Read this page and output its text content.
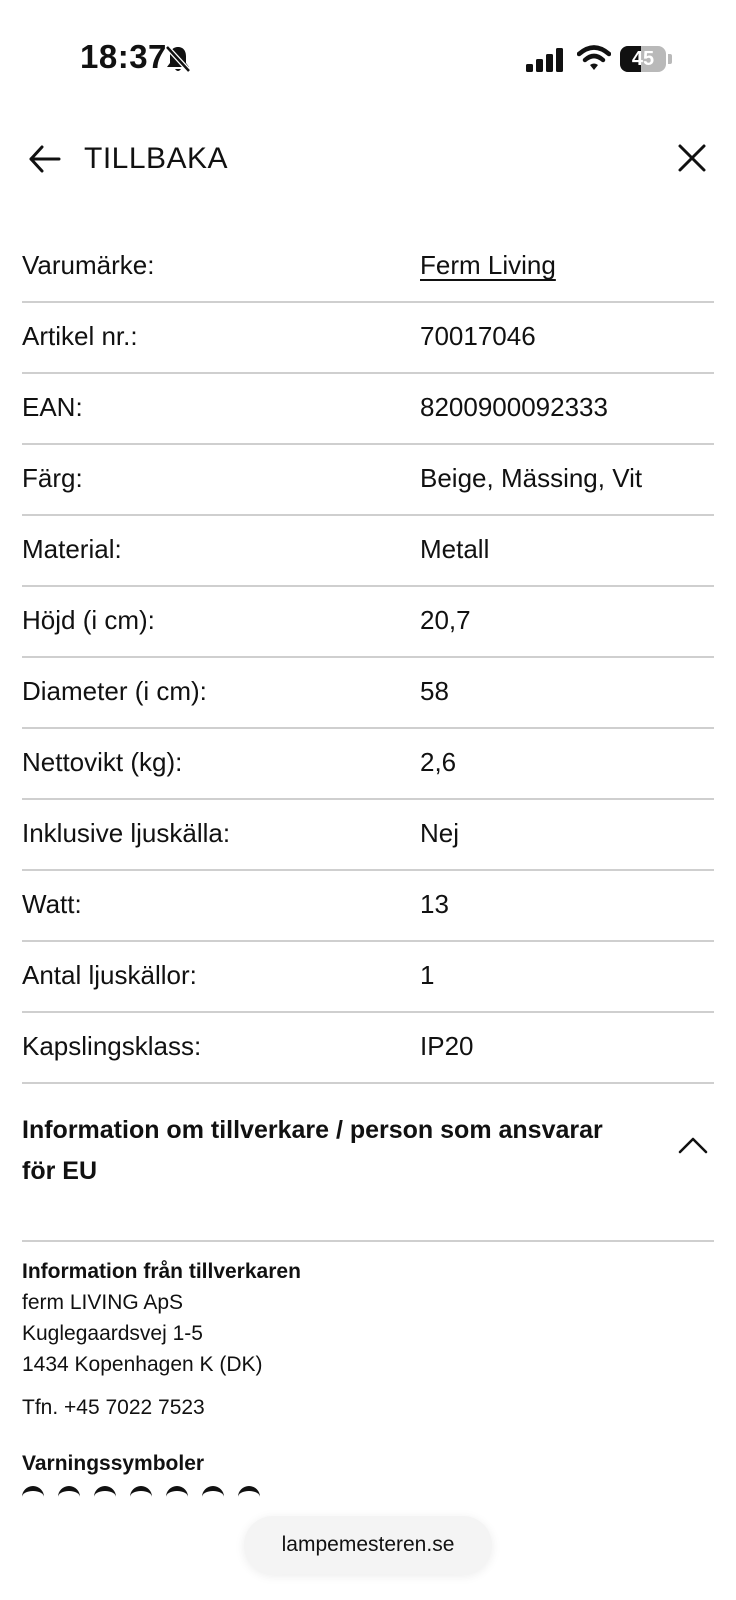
18:37	45
TILLBAKA
Varumärke:	Ferm Living
Artikel nr.:	70017046
EAN:	8200900092333
Färg:	Beige, Mässing, Vit
Material:	Metall
Höjd (i cm):	20,7
Diameter (i cm):	58
Nettovikt (kg):	2,6
Inklusive ljuskälla:	Nej
Watt:	13
Antal ljuskällor:	1
Kapslingsklass:	IP20
Information om tillverkare / person som ansvarar för EU
Information från tillverkaren
ferm LIVING ApS
Kuglegaardsvej 1-5
1434 Kopenhagen K (DK)
Tfn. +45 7022 7523
Varningssymboler
lampemesteren.se
